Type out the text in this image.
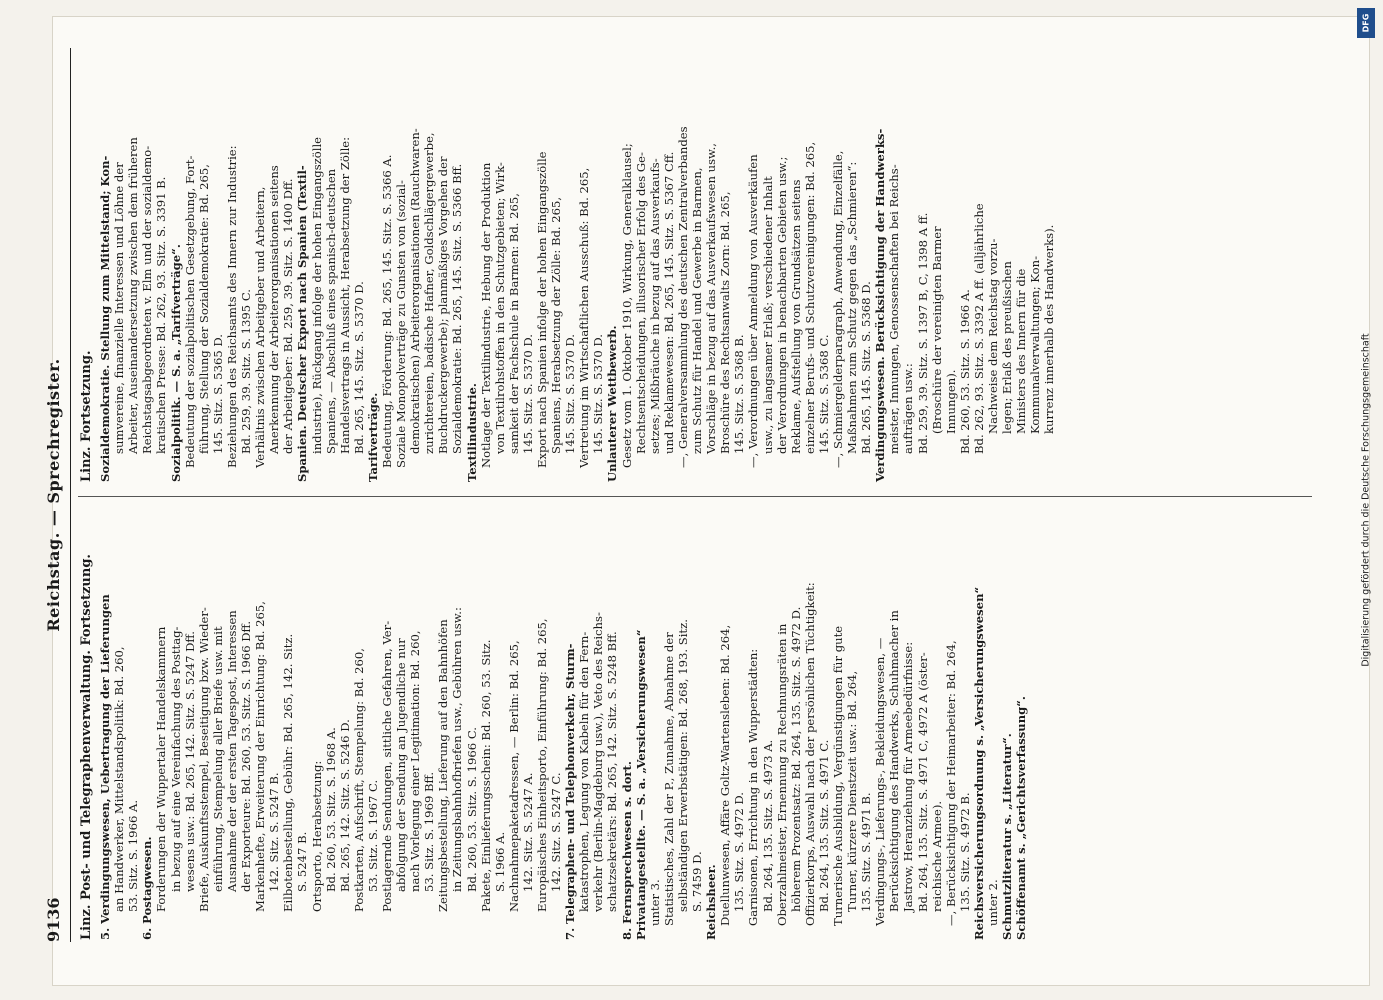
9136
Reichstag. — Sprechregister.
Linz. Post- und Telegraphenverwaltung. Fortsetzung. 5. Verdingungswesen, Uebertragung der Lieferungen an Handwerker, Mittelstandspolitik: Bd. 260, 53. Sitz. S. 1966 A. 6. Postagwesen. Forderungen der Wuppertaler Handelskammern in bezug auf eine Vereinfachung des Posttag- wesens usw.: Bd. 265, 142. Sitz. S. 5247 Dff. Briefe, Auskunftsstempel, Beseitigung bzw. Wieder- einführung, Stempelung aller Briefe usw. mit Ausnahme der der ersten Tagespost, Interessen der Exporteure: Bd. 260, 53. Sitz. S. 1966 Dff. Markenhefte, Erweiterung der Einrichtung: Bd. 265, 142. Sitz. S. 5247 B. Eilbotenbestellung, Gebühr: Bd. 265, 142. Sitz. S. 5247 B. Ortsporto, Herabsetzung: Bd. 260, 53. Sitz. S. 1968 A. Bd. 265, 142. Sitz. S. 5246 D. Postkarten, Aufschrift, Stempelung: Bd. 260, 53. Sitz. S. 1967 C. Postlagernde Sendungen, sittliche Gefahren, Ver- abfolgung der Sendung an Jugendliche nur nach Vorlegung einer Legitimation: Bd. 260, 53. Sitz. S. 1969 Bff. Zeitungsbestellung, Lieferung auf den Bahnhöfen in Zeitungsbahnhofbriefen usw., Gebühren usw.: Bd. 260, 53. Sitz. S. 1966 C. Pakete, Einlieferungsschein: Bd. 260, 53. Sitz. S. 1966 A. Nachnahmepaketadressen, — Berlin: Bd. 265, 142. Sitz. S. 5247 A. Europäisches Einheitsporto, Einführung: Bd. 265, 142. Sitz. S. 5247 C. 7. Telegraphen- und Telephonverkehr, Sturm- katastrophen, Legung von Kabeln für den Fern- verkehr (Berlin-Magdeburg usw.), Veto des Reichs- schatzsekretärs: Bd. 265, 142. Sitz. S. 5248 Bff. 8. Fernsprechwesen s. dort. Privatangestellte. — S. a. „Versicherungswesen“ unter 3. Statistisches, Zahl der P., Zunahme, Abnahme der selbständigen Erwerbstätigen: Bd. 268, 193. Sitz. S. 7459 D. Reichsheer. Duellunwesen, Affäre Goltz-Wartensleben: Bd. 264, 135. Sitz. S. 4972 D. Garnisonen, Errichtung in den Wupperstädten: Bd. 264, 135. Sitz. S. 4973 A. Oberzahlmeister, Ernennung zu Rechnungsräten in höherem Prozentsatz: Bd. 264, 135. Sitz. S. 4972 D. Offizierkorps, Auswahl nach der persönlichen Tüchtigkeit: Bd. 264, 135. Sitz. S. 4971 C. Turnerische Ausbildung, Vergünstigungen für gute Turner, kürzere Dienstzeit usw.: Bd. 264, 135. Sitz. S. 4971 B. Verdingungs-, Lieferungs-, Bekleidungswesen, — Berücksichtigung des Handwerks, Schuhmacher in Jastrow, Heranziehung für Armeebedürfnisse: Bd. 264, 135. Sitz. S. 4971 C, 4972 A (öster- reichische Armee). —, Berücksichtigung der Heimarbeiter: Bd. 264, 135. Sitz. S. 4972 B. Reichsversicherungsordnung s. „Versicherungswesen“ unter 2. Schmutzliteratur s. „Literatur“. Schöffenamt s. „Gerichtsverfassung“.
Linz. Fortsetzung. Sozialdemokratie. Stellung zum Mittelstand; Kon- sumvereine, finanzielle Interessen und Löhne der Arbeiter, Auseinandersetzung zwischen dem früheren Reichstagsabgeordneten v. Elm und der sozialdemo- kratischen Presse: Bd. 262, 93. Sitz. S. 3391 B. Sozialpolitik. — S. a. „Tarifverträge“. Bedeutung der sozialpolitischen Gesetzgebung, Fort- führung, Stellung der Sozialdemokratie: Bd. 265, 145. Sitz. S. 5365 D. Beziehungen des Reichsamts des Innern zur Industrie: Bd. 259, 39. Sitz. S. 1395 C. Verhältnis zwischen Arbeitgeber und Arbeitern, Anerkennung der Arbeiterorganisationen seitens der Arbeitgeber: Bd. 259, 39. Sitz. S. 1400 Dff. Spanien. Deutscher Export nach Spanien (Textil- industrie), Rückgang infolge der hohen Eingangszölle Spaniens, — Abschluß eines spanisch-deutschen Handelsvertrags in Aussicht, Herabsetzung der Zölle: Bd. 265, 145. Sitz. S. 5370 D. Tarifverträge. Bedeutung, Förderung: Bd. 265, 145. Sitz. S. 5366 A. Soziale Monopolverträge zu Gunsten von (sozial- demokratischen) Arbeiterorganisationen (Rauchwaren- zurichtereien, badische Hafner, Goldschlägergewerbe, Buchdruckergewerbe); planmäßiges Vorgehen der Sozialdemokratie: Bd. 265, 145. Sitz. S. 5366 Bff. Textilindustrie. Notlage der Textilindustrie, Hebung der Produktion von Textilrohstoffen in den Schutzgebieten; Wirk- samkeit der Fachschule in Barmen: Bd. 265, 145. Sitz. S. 5370 D. Export nach Spanien infolge der hohen Eingangszölle Spaniens, Herabsetzung der Zölle: Bd. 265, 145. Sitz. S. 5370 D. Vertretung im Wirtschaftlichen Ausschuß: Bd. 265, 145. Sitz. S. 5370 D. Unlauterer Wettbewerb. Gesetz vom 1. Oktober 1910, Wirkung, Generalklausel; Rechtsentscheidungen, illusorischer Erfolg des Ge- setzes; Mißbräuche in bezug auf das Ausverkaufs- und Reklamewesen: Bd. 265, 145. Sitz. S. 5367 Cff. —, Generalversammlung des deutschen Zentralverbandes zum Schutz für Handel und Gewerbe in Barmen, Vorschläge in bezug auf das Ausverkaufswesen usw., Broschüre des Rechtsanwalts Zorn: Bd. 265, 145. Sitz. S. 5368 B. —, Verordnungen über Anmeldung von Ausverkäufen usw., zu langsamer Erlaß; verschiedener Inhalt der Verordnungen in benachbarten Gebieten usw.; Reklame, Aufstellung von Grundsätzen seitens einzelner Berufs- und Schutzvereinigungen: Bd. 265, 145. Sitz. S. 5368 C. —, Schmiergelderparagraph, Anwendung, Einzelfälle, Maßnahmen zum Schutz gegen das „Schmieren“: Bd. 265, 145. Sitz. S. 5368 D. Verdingungswesen. Berücksichtigung der Handwerks- meister, Innungen, Genossenschaften bei Reichs- aufträgen usw.: Bd. 259, 39. Sitz. S. 1397 B, C, 1398 A ff. (Broschüre der vereinigten Barmer Innungen). Bd. 260, 53. Sitz. S. 1966 A. Bd. 262, 93. Sitz. S. 3392 A ff. (alljährliche Nachweise dem Reichstag vorzu- legen; Erlaß des preußischen Ministers des Innern für die Kommunalverwaltungen; Kon- kurrenz innerhalb des Handwerks).
DFG
Digitalisierung gefördert durch die Deutsche Forschungsgemeinschaft
